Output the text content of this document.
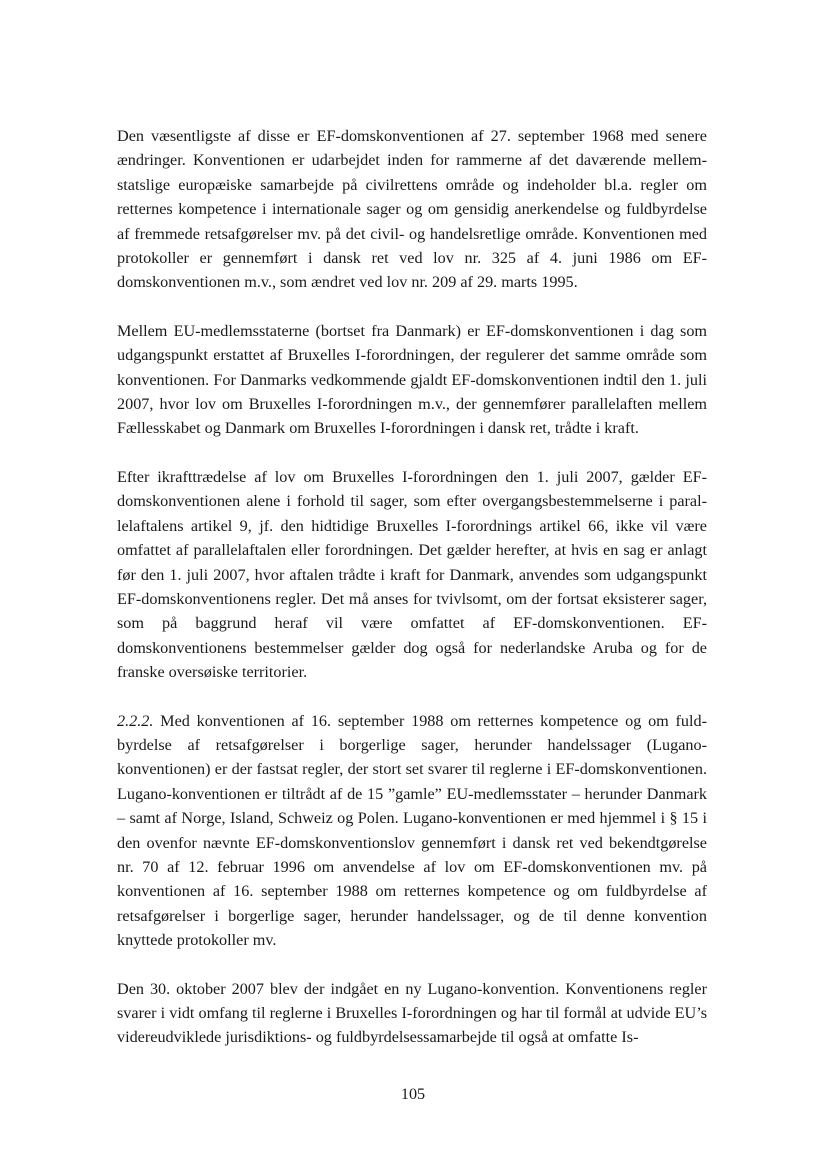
Den væsentligste af disse er EF-domskonventionen af 27. september 1968 med senere ændringer. Konventionen er udarbejdet inden for rammerne af det daværende mellemstatslige europæiske samarbejde på civilrettens område og indeholder bl.a. regler om retternes kompetence i internationale sager og om gensidig anerkendelse og fuldbyrdelse af fremmede retsafgørelser mv. på det civil- og handelsretlige område. Konventionen med protokoller er gennemført i dansk ret ved lov nr. 325 af 4. juni 1986 om EF-domskonventionen m.v., som ændret ved lov nr. 209 af 29. marts 1995.

Mellem EU-medlemsstaterne (bortset fra Danmark) er EF-domskonventionen i dag som udgangspunkt erstattet af Bruxelles I-forordningen, der regulerer det samme område som konventionen. For Danmarks vedkommende gjaldt EF-domskonventionen indtil den 1. juli 2007, hvor lov om Bruxelles I-forordningen m.v., der gennemfører parallelaften mellem Fællesskabet og Danmark om Bruxelles I-forordningen i dansk ret, trådte i kraft.

Efter ikrafttrædelse af lov om Bruxelles I-forordningen den 1. juli 2007, gælder EF-domskonventionen alene i forhold til sager, som efter overgangsbestemmelserne i parallelaftalens artikel 9, jf. den hidtidige Bruxelles I-forordnings artikel 66, ikke vil være omfattet af parallelaftalen eller forordningen. Det gælder herefter, at hvis en sag er anlagt før den 1. juli 2007, hvor aftalen trådte i kraft for Danmark, anvendes som udgangspunkt EF-domskonventionens regler. Det må anses for tvivlsomt, om der fortsat eksisterer sager, som på baggrund heraf vil være omfattet af EF-domskonventionen. EF-domskonventionens bestemmelser gælder dog også for nederlandske Aruba og for de franske oversøiske territorier.

2.2.2. Med konventionen af 16. september 1988 om retternes kompetence og om fuldbyrdelse af retsafgørelser i borgerlige sager, herunder handelssager (Lugano-konventionen) er der fastsat regler, der stort set svarer til reglerne i EF-domskonventionen. Lugano-konventionen er tiltrådt af de 15 ”gamle” EU-medlemsstater – herunder Danmark – samt af Norge, Island, Schweiz og Polen. Lugano-konventionen er med hjemmel i § 15 i den ovenfor nævnte EF-domskonventionslov gennemført i dansk ret ved bekendtgørelse nr. 70 af 12. februar 1996 om anvendelse af lov om EF-domskonventionen mv. på konventionen af 16. september 1988 om retternes kompetence og om fuldbyrdelse af retsafgørelser i borgerlige sager, herunder handelssager, og de til denne konvention knyttede protokoller mv.

Den 30. oktober 2007 blev der indgået en ny Lugano-konvention. Konventionens regler svarer i vidt omfang til reglerne i Bruxelles I-forordningen og har til formål at udvide EU’s videreudviklede jurisdiktions- og fuldbyrdelsessamarbejde til også at omfatte Is-

105
